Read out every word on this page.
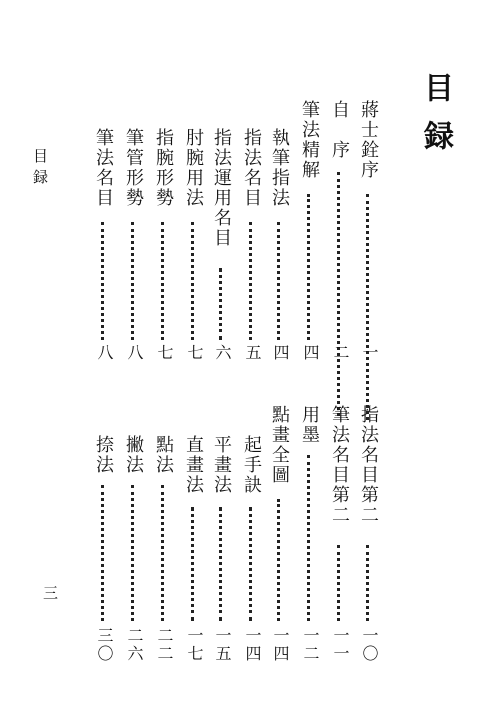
目録
目録
三
蔣士銓序
一
自　序
二
筆法精解
四
執筆指法
四
指法名目
五
指法運用名目
六
肘腕用法
七
指腕形勢
七
筆管形勢
八
筆法名目
八
指法名目第二
一〇
筆法名目第二
一一
用墨
一二
點畫全圖
一四
起手訣
一四
平畫法
一五
直畫法
一七
點法
二二
撇法
二六
捺法
三〇
